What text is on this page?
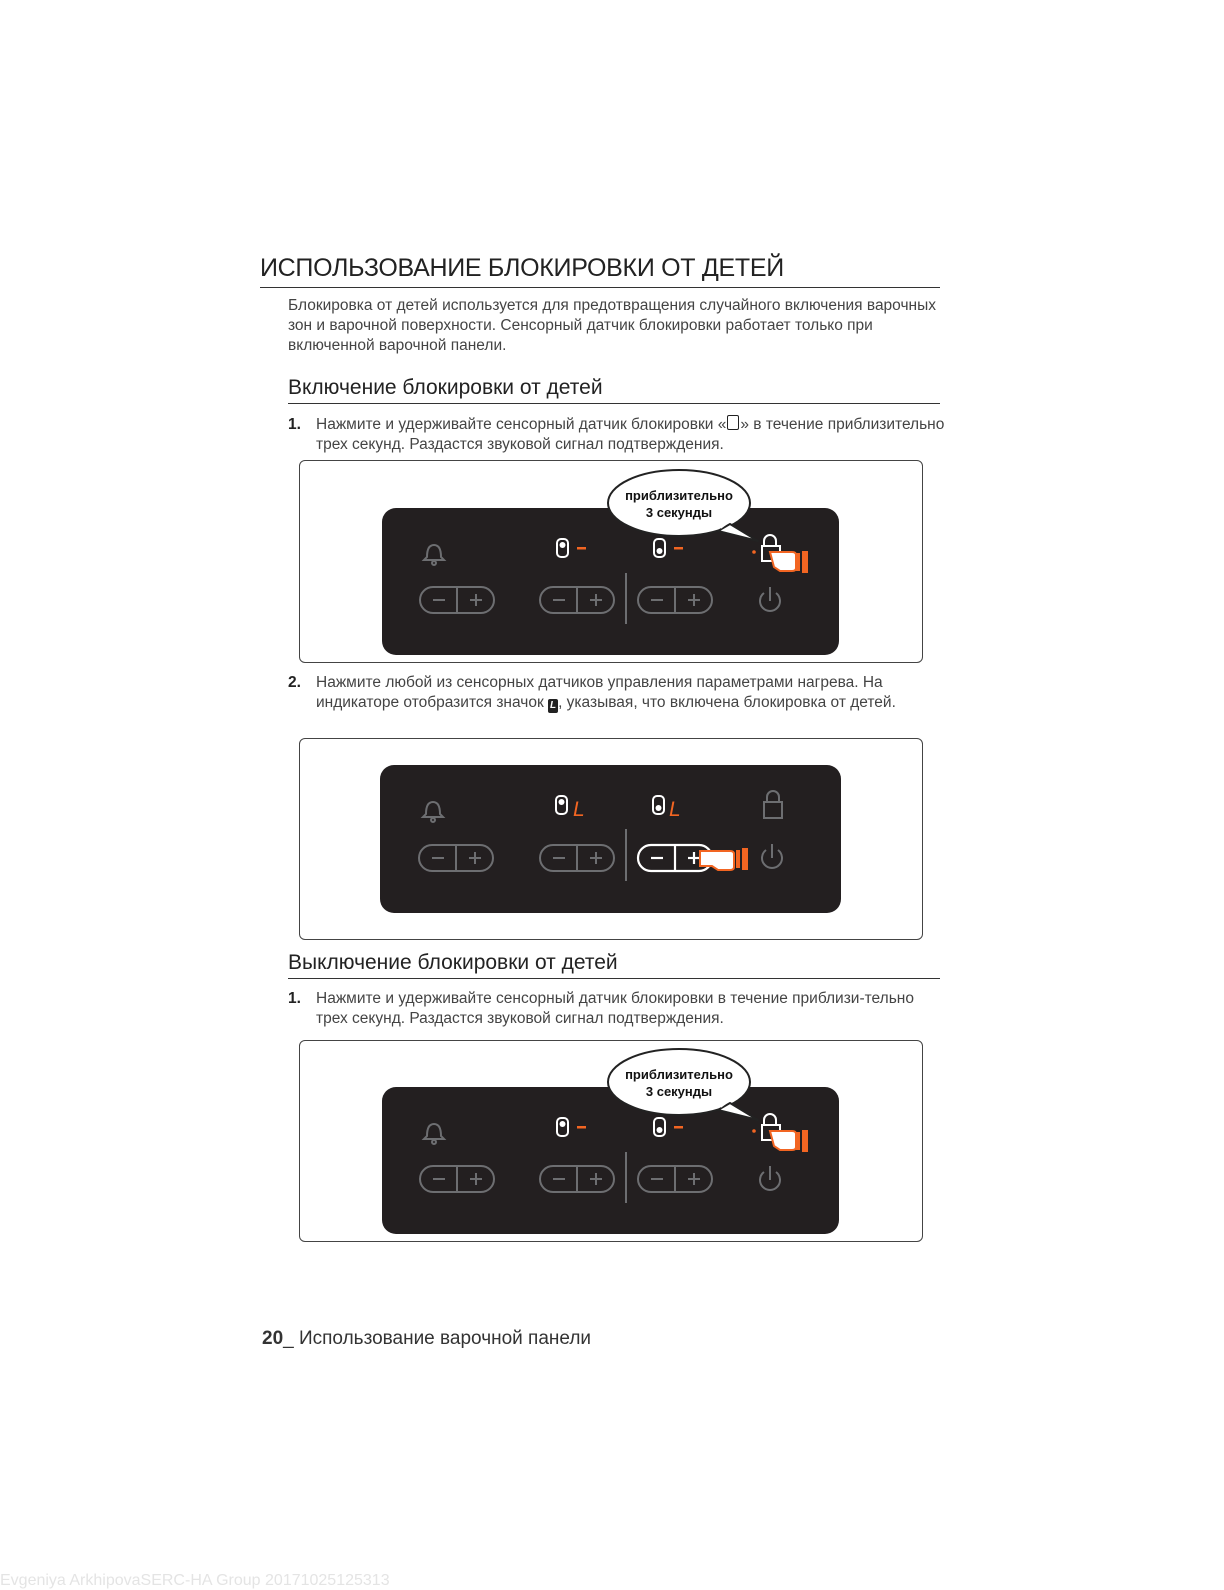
ИСПОЛЬЗОВАНИЕ БЛОКИРОВКИ ОТ ДЕТЕЙ
Блокировка от детей используется для предотвращения случайного включения варочных зон и варочной поверхности. Сенсорный датчик блокировки работает только при включенной варочной панели.
Включение блокировки от детей
1. Нажмите и удерживайте сенсорный датчик блокировки « » в течение приблизительно трех секунд. Раздастся звуковой сигнал подтверждения.
приблизительно
3 секунды
2. Нажмите любой из сенсорных датчиков управления параметрами нагрева. На индикаторе отобразится значок L , указывая, что включена блокировка от детей.
L	L
Выключение блокировки от детей
1. Нажмите и удерживайте сенсорный датчик блокировки в течение приблизи-тельно трех секунд. Раздастся звуковой сигнал подтверждения.
приблизительно
3 секунды
20_ Использование варочной панели
Evgeniya ArkhipovaSERC-HA Group 20171025125313
